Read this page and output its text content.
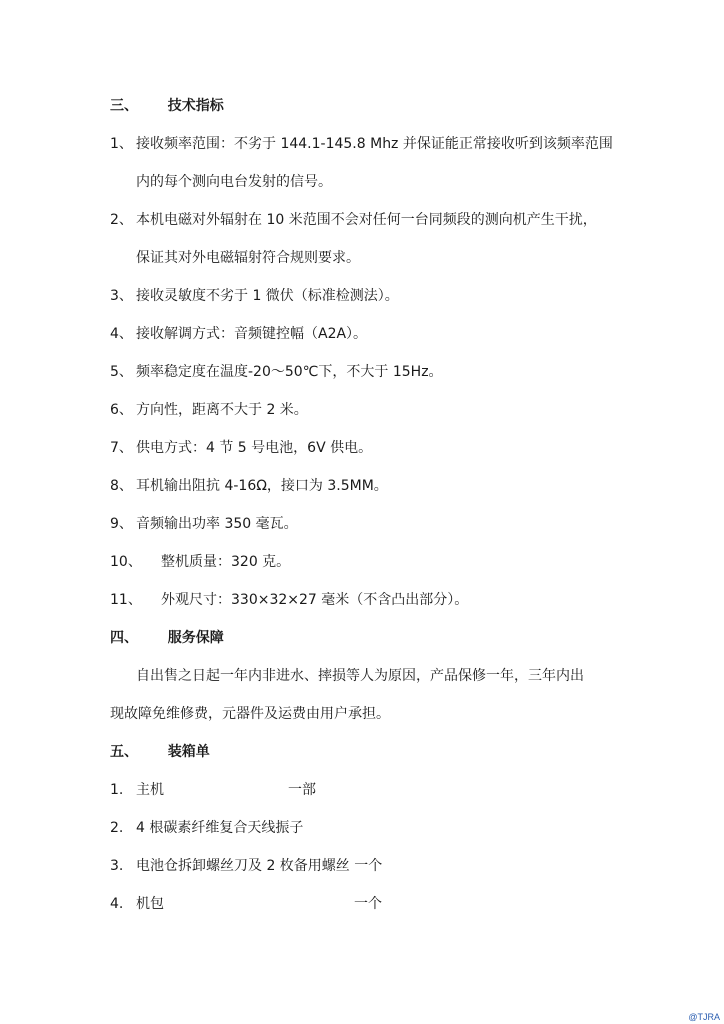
三、 技术指标
1、 接收频率范围：不劣于 144.1-145.8 Mhz 并保证能正常接收听到该频率范围
内的每个测向电台发射的信号。
2、 本机电磁对外辐射在 10 米范围不会对任何一台同频段的测向机产生干扰，
保证其对外电磁辐射符合规则要求。
3、 接收灵敏度不劣于 1 微伏（标准检测法）。
4、 接收解调方式：音频键控幅（A2A）。
5、 频率稳定度在温度-20～50℃下，不大于 15Hz。
6、 方向性，距离不大于 2 米。
7、 供电方式：4 节 5 号电池，6V 供电。
8、 耳机输出阻抗 4-16Ω，接口为 3.5MM。
9、 音频输出功率 350 毫瓦。
10、 整机质量：320 克。
11、 外观尺寸：330×32×27 毫米（不含凸出部分）。
四、 服务保障
自出售之日起一年内非进水、摔损等人为原因，产品保修一年，三年内出
现故障免维修费，元器件及运费由用户承担。
五、 装箱单
1. 主机	一部
2. 4 根碳素纤维复合天线振子
3. 电池仓拆卸螺丝刀及 2 枚备用螺丝 一个
4. 机包	一个
@TJRA
